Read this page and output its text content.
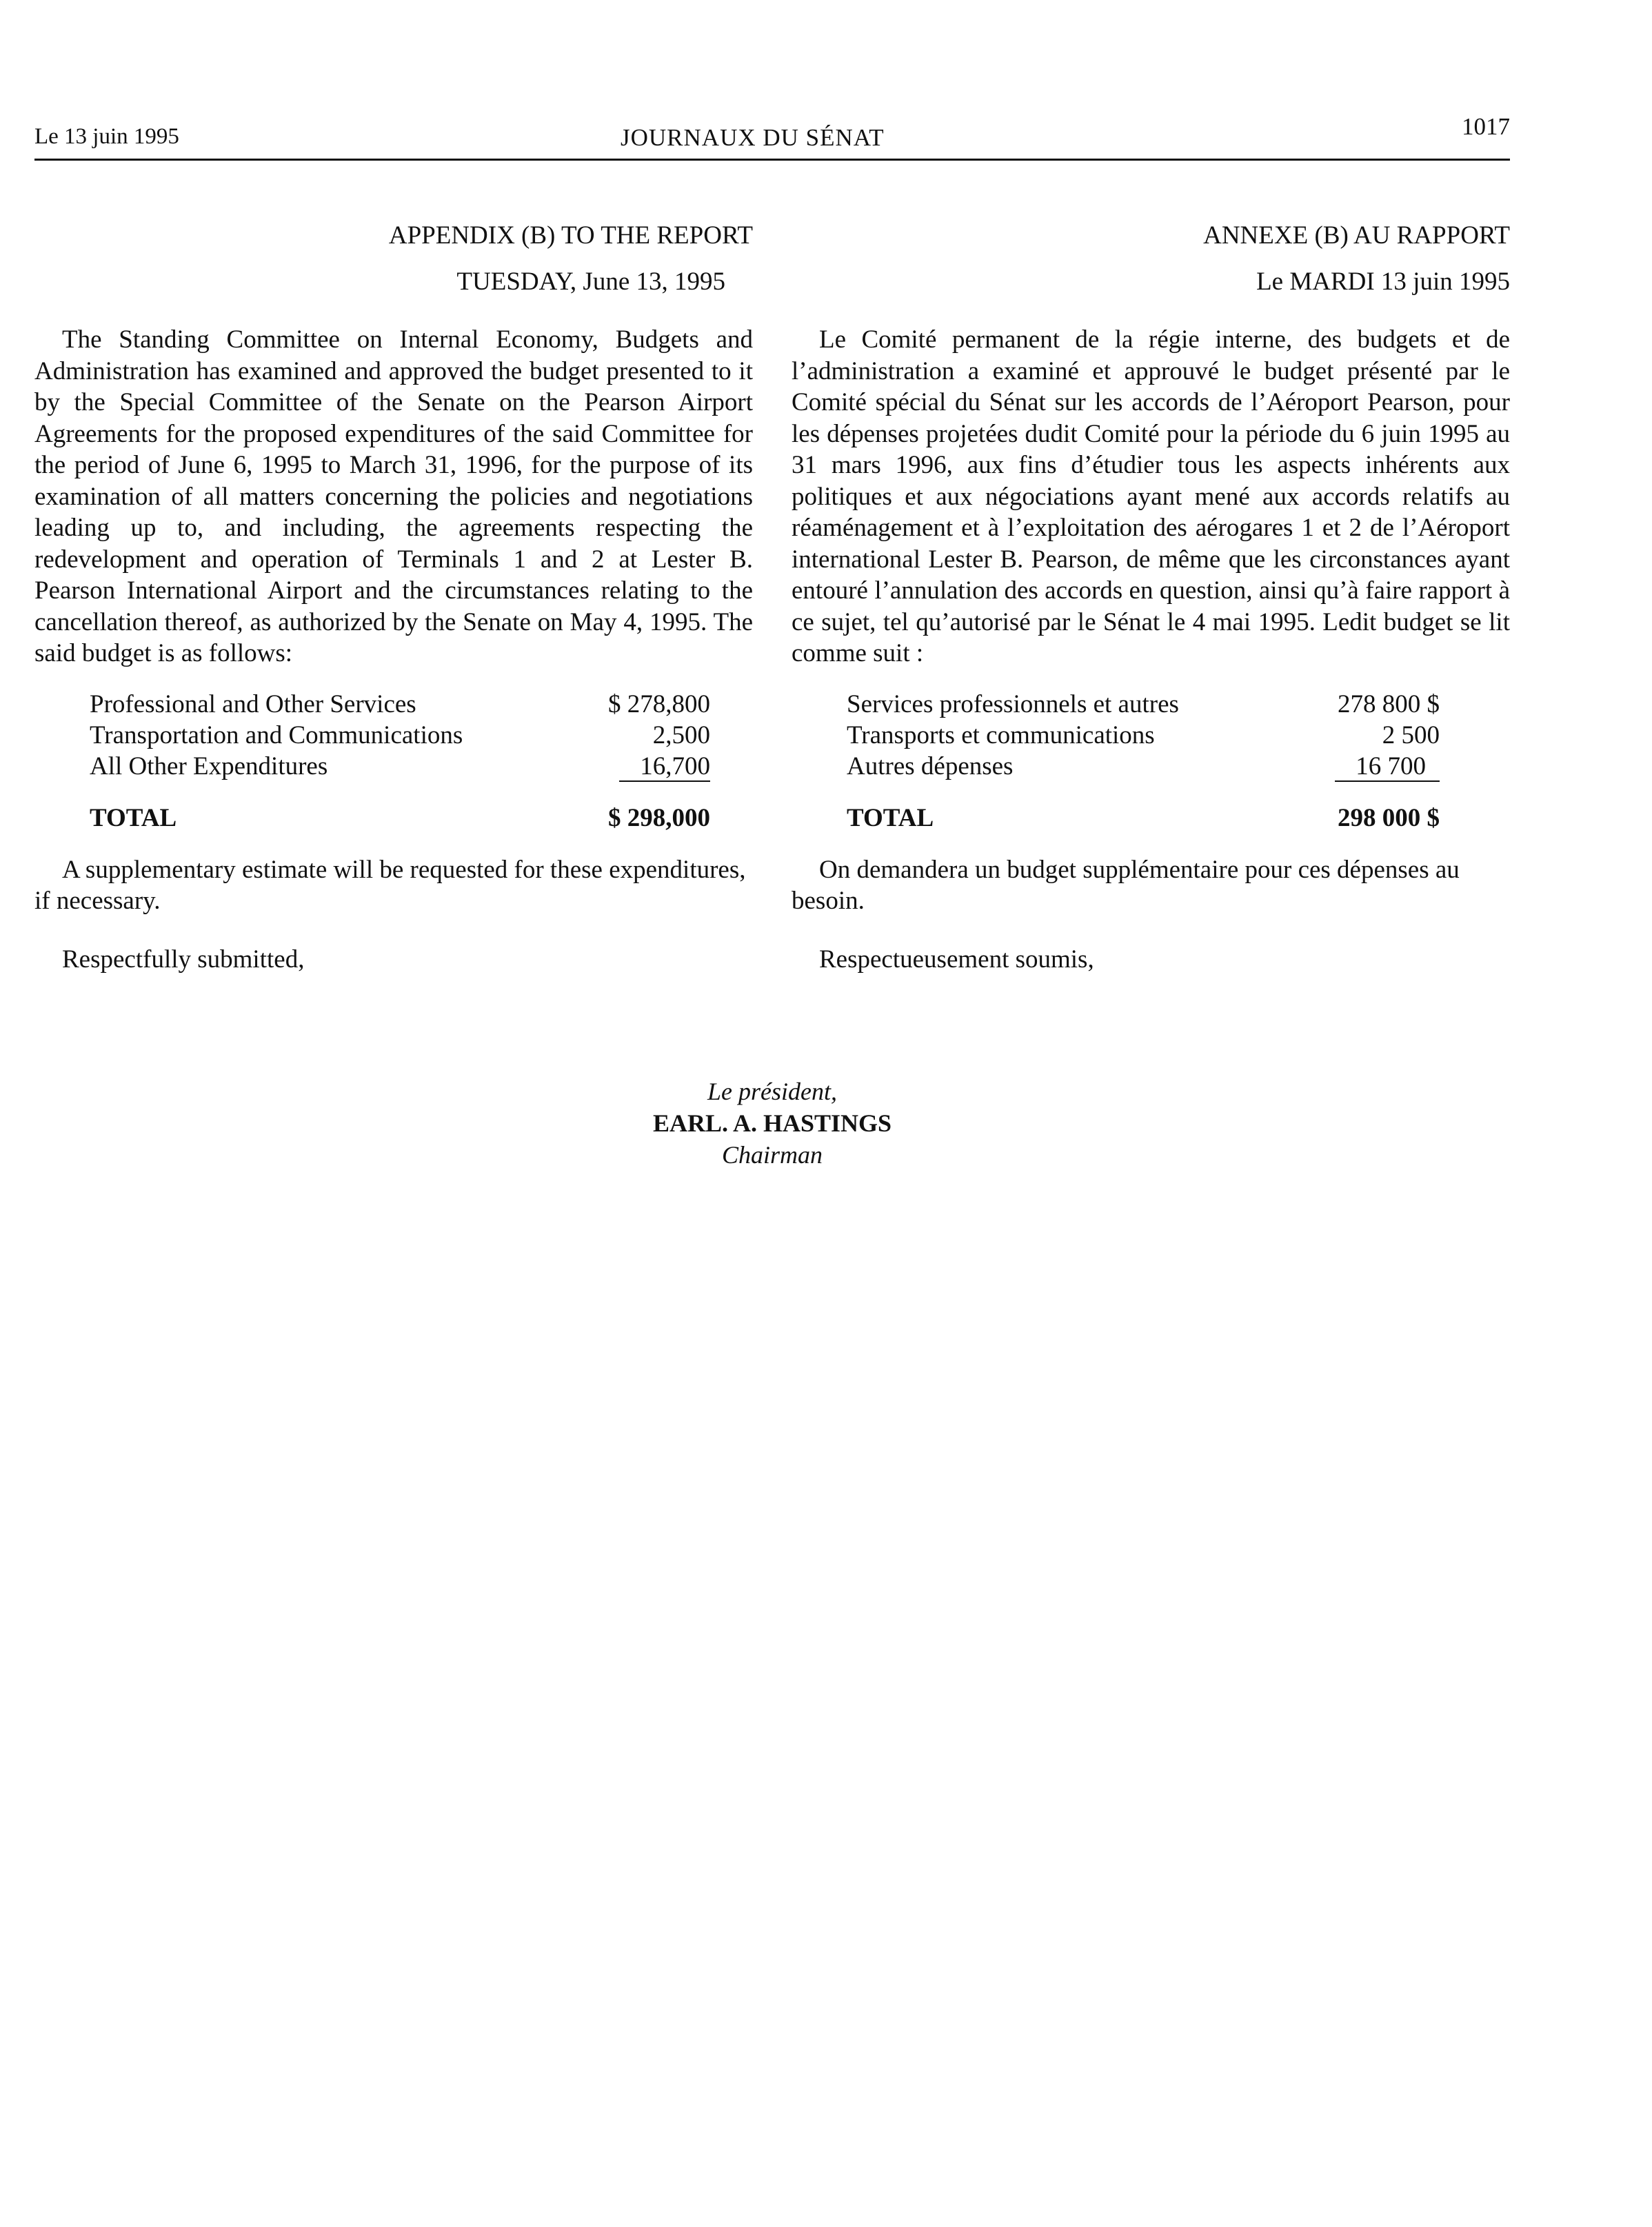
Le 13 juin 1995	JOURNAUX DU SÉNAT	1017

APPENDIX (B) TO THE REPORT

TUESDAY, June 13, 1995

The Standing Committee on Internal Economy, Budgets and Administration has examined and approved the budget presented to it by the Special Committee of the Senate on the Pearson Airport Agreements for the proposed expenditures of the said Committee for the period of June 6, 1995 to March 31, 1996, for the purpose of its examination of all matters concerning the policies and negotiations leading up to, and including, the agreements respecting the redevelopment and operation of Terminals 1 and 2 at Lester B. Pearson International Airport and the circumstances relating to the cancellation thereof, as authorized by the Senate on May 4, 1995. The said budget is as follows:

Professional and Other Services	$ 278,800
Transportation and Communications	2,500
All Other Expenditures	16,700
TOTAL	$ 298,000

A supplementary estimate will be requested for these expenditures, if necessary.

Respectfully submitted,

ANNEXE (B) AU RAPPORT

Le MARDI 13 juin 1995

Le Comité permanent de la régie interne, des budgets et de l’administration a examiné et approuvé le budget présenté par le Comité spécial du Sénat sur les accords de l’Aéroport Pearson, pour les dépenses projetées dudit Comité pour la période du 6 juin 1995 au 31 mars 1996, aux fins d’étudier tous les aspects inhérents aux politiques et aux négociations ayant mené aux accords relatifs au réaménagement et à l’exploitation des aérogares 1 et 2 de l’Aéroport international Lester B. Pearson, de même que les circonstances ayant entouré l’annulation des accords en question, ainsi qu’à faire rapport à ce sujet, tel qu’autorisé par le Sénat le 4 mai 1995. Ledit budget se lit comme suit :

Services professionnels et autres	278 800 $
Transports et communications	2 500
Autres dépenses	16 700
TOTAL	298 000 $

On demandera un budget supplémentaire pour ces dépenses au besoin.

Respectueusement soumis,

Le président,
EARL. A. HASTINGS
Chairman
